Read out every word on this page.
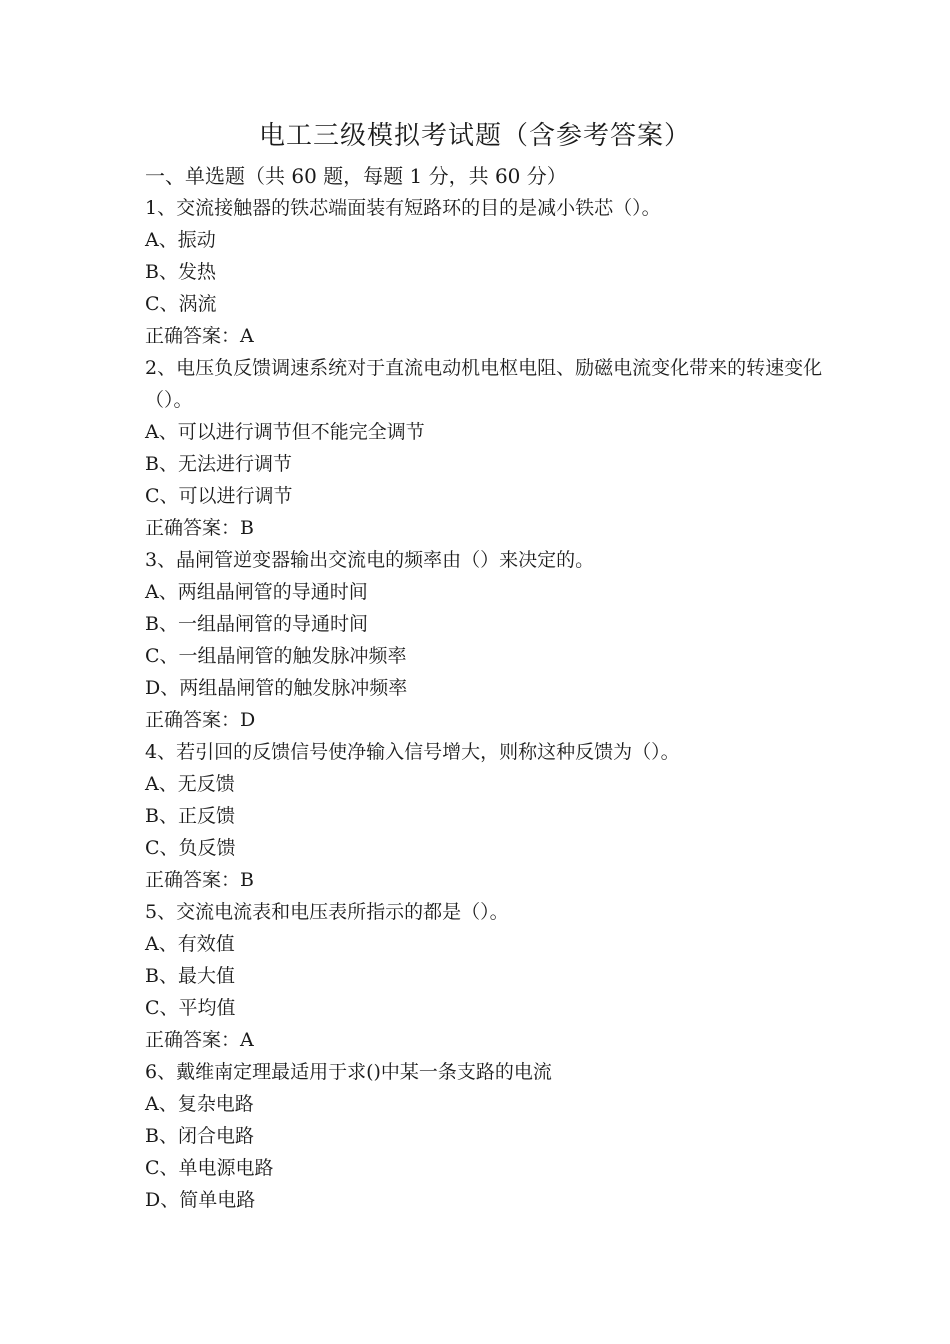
电工三级模拟考试题（含参考答案）
一、单选题（共 60 题，每题 1 分，共 60 分）
1、交流接触器的铁芯端面装有短路环的目的是减小铁芯（）。
A、振动
B、发热
C、涡流
正确答案：A
2、电压负反馈调速系统对于直流电动机电枢电阻、励磁电流变化带来的转速变化（）。
A、可以进行调节但不能完全调节
B、无法进行调节
C、可以进行调节
正确答案：B
3、晶闸管逆变器输出交流电的频率由（）来决定的。
A、两组晶闸管的导通时间
B、一组晶闸管的导通时间
C、一组晶闸管的触发脉冲频率
D、两组晶闸管的触发脉冲频率
正确答案：D
4、若引回的反馈信号使净输入信号增大，则称这种反馈为（）。
A、无反馈
B、正反馈
C、负反馈
正确答案：B
5、交流电流表和电压表所指示的都是（）。
A、有效值
B、最大值
C、平均值
正确答案：A
6、戴维南定理最适用于求()中某一条支路的电流
A、复杂电路
B、闭合电路
C、单电源电路
D、简单电路
